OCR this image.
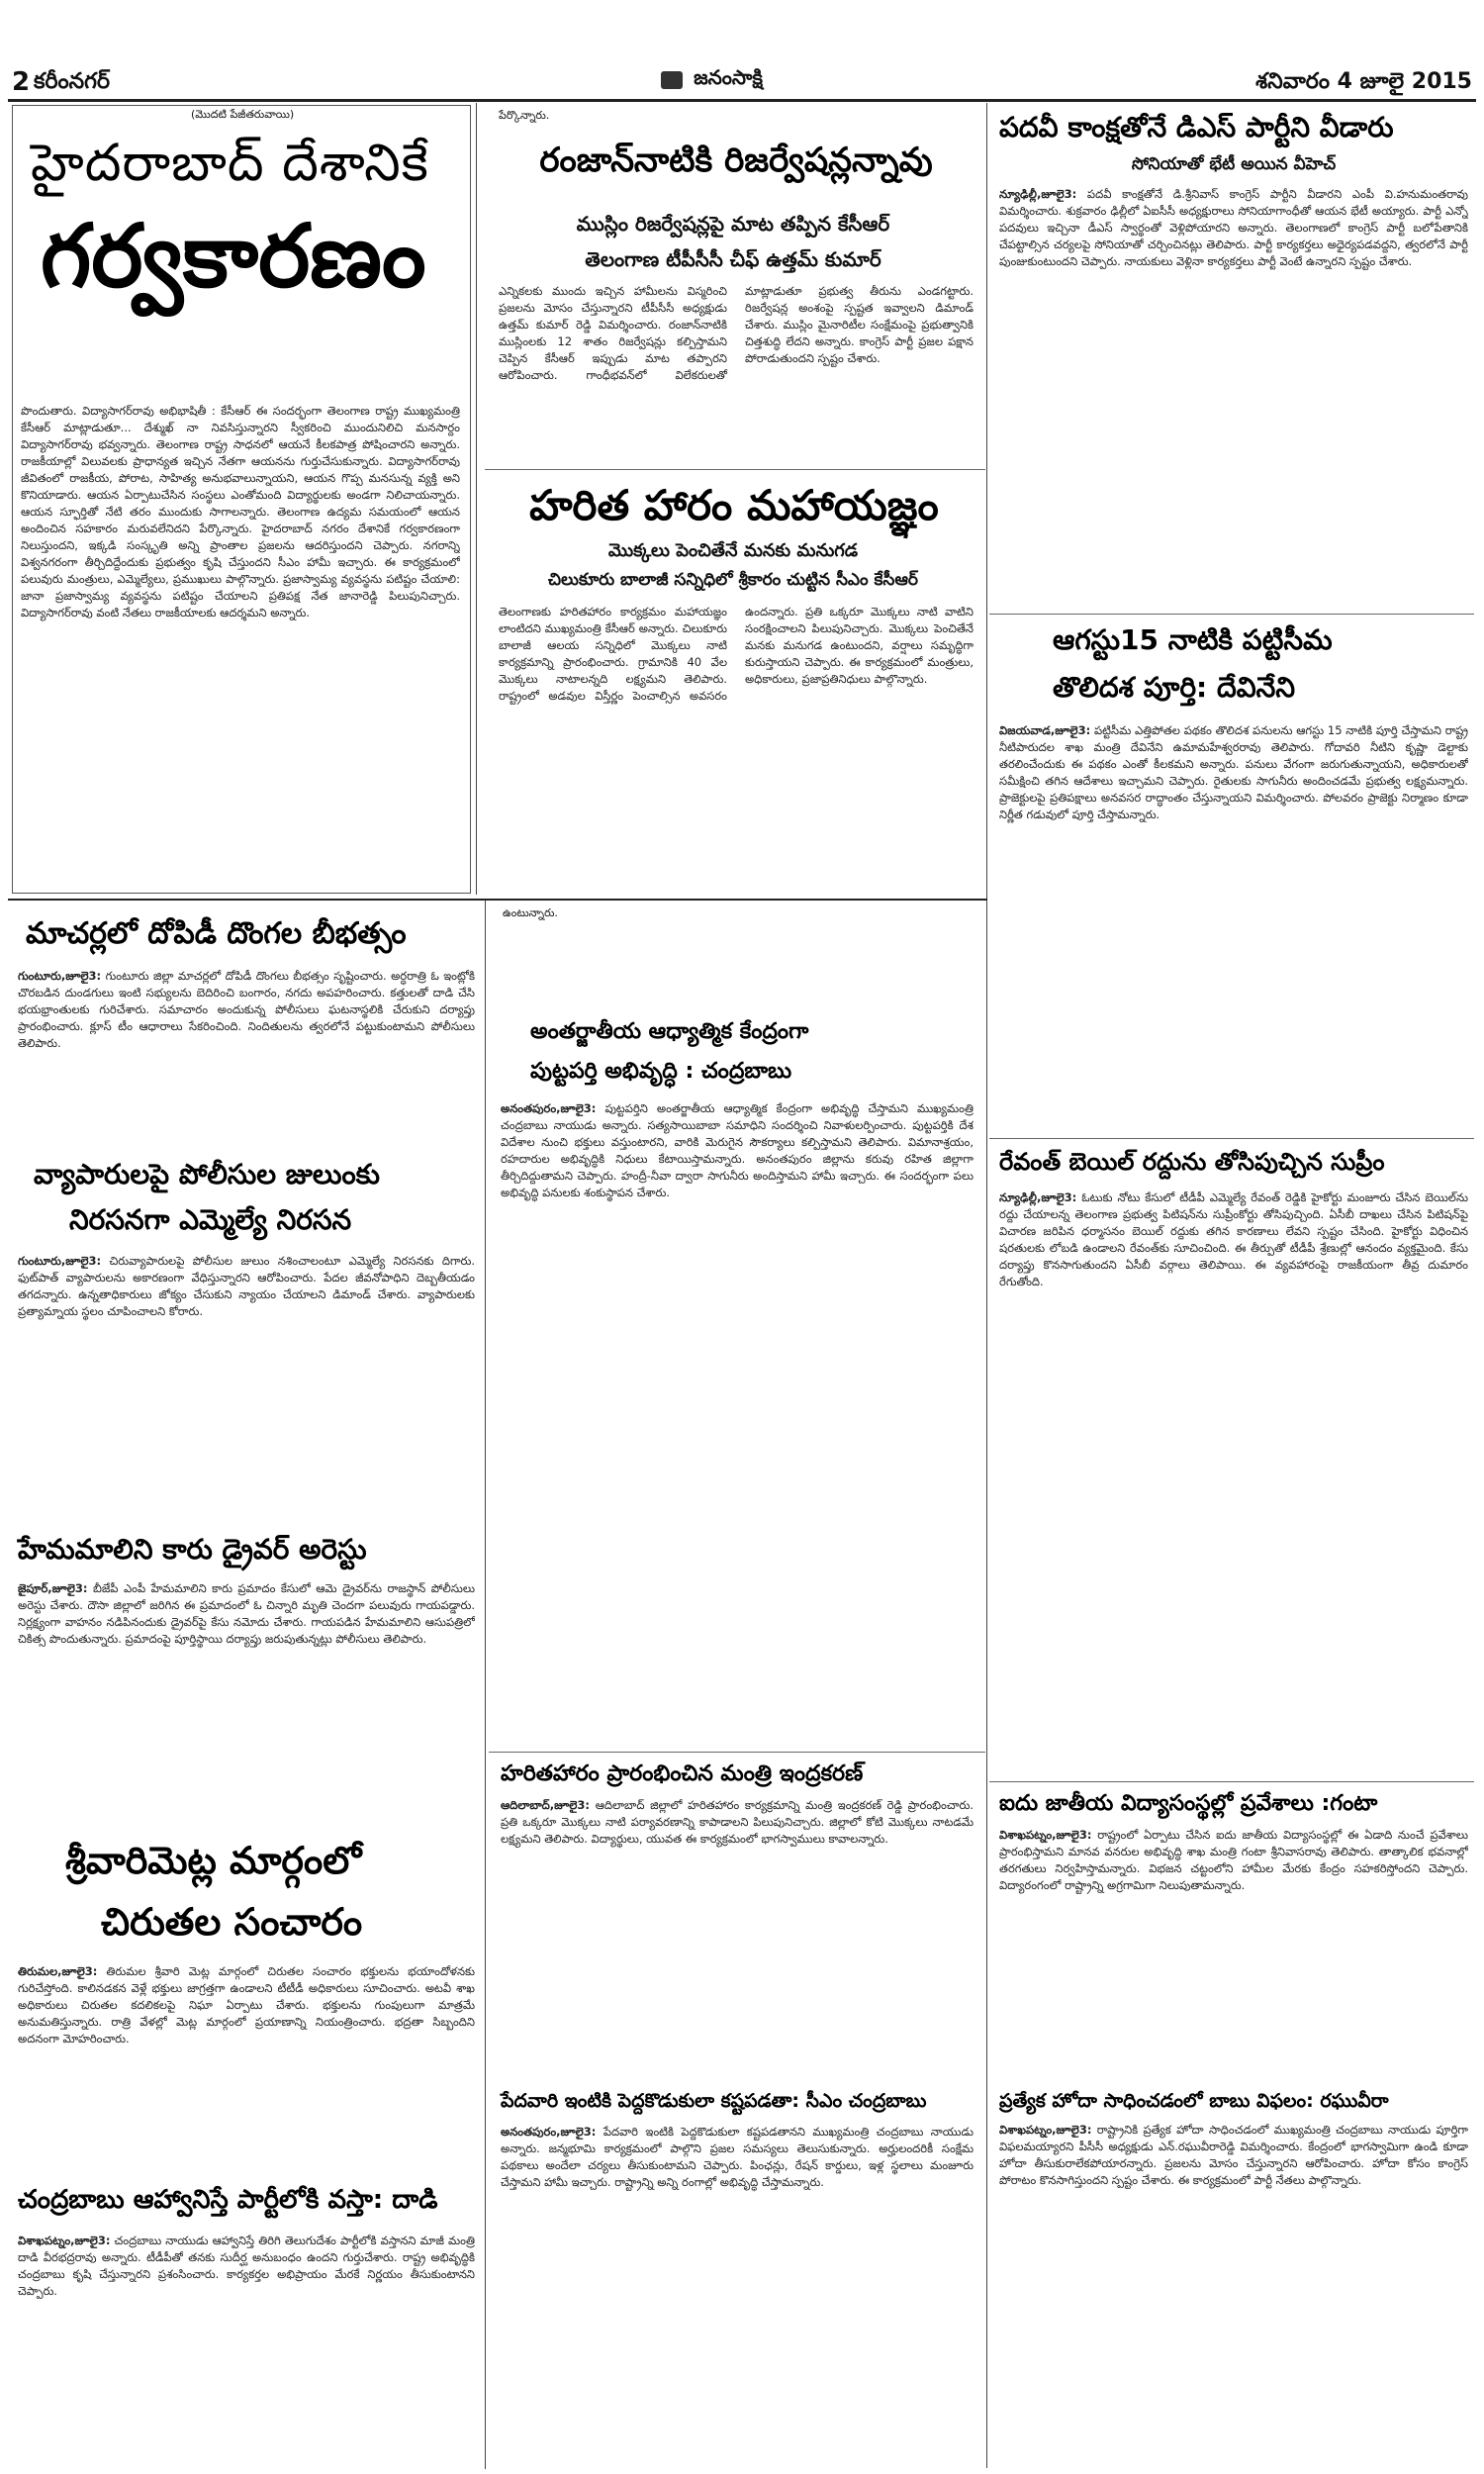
2 కరీంనగర్	జనంసాక్షి	శనివారం 4 జూలై 2015
(మొదటి పేజీతరువాయి)
హైదరాబాద్ దేశానికే
గర్వకారణం
పొందుతారు. విద్యాసాగర్‌రావు అభిభాషితీ : కేసీఆర్ ఈ సందర్భంగా తెలంగాణ రాష్ట్ర ముఖ్యమంత్రి కేసీఆర్ మాట్లాడుతూ... దేశ్ముఖ్ నా నివసిస్తున్నారని స్వీకరించి ముందునిలిచి మనసార్దం విద్యాసాగర్‌రావు భవ్వన్నారు. తెలంగాణ రాష్ట్ర సాధనలో ఆయనే కీలకపాత్ర పోషించారని అన్నారు. రాజకీయాల్లో విలువలకు ప్రాధాన్యత ఇచ్చిన నేతగా ఆయనను గుర్తుచేసుకున్నారు. విద్యాసాగర్‌రావు జీవితంలో రాజకీయ, పోరాట, సాహిత్య అనుభవాలున్నాయని, ఆయన గొప్ప మనసున్న వ్యక్తి అని కొనియాడారు. ఆయన ఏర్పాటుచేసిన సంస్థలు ఎంతోమంది విద్యార్థులకు అండగా నిలిచాయన్నారు. ఆయన స్ఫూర్తితో నేటి తరం ముందుకు సాగాలన్నారు. తెలంగాణ ఉద్యమ సమయంలో ఆయన అందించిన సహకారం మరువలేనిదని పేర్కొన్నారు. హైదరాబాద్ నగరం దేశానికే గర్వకారణంగా నిలుస్తుందని, ఇక్కడి సంస్కృతి అన్ని ప్రాంతాల ప్రజలను ఆదరిస్తుందని చెప్పారు. నగరాన్ని విశ్వనగరంగా తీర్చిదిద్దేందుకు ప్రభుత్వం కృషి చేస్తుందని సీఎం హామీ ఇచ్చారు. ఈ కార్యక్రమంలో పలువురు మంత్రులు, ఎమ్మెల్యేలు, ప్రముఖులు పాల్గొన్నారు. ప్రజాస్వామ్య వ్యవస్థను పటిష్టం చేయాలి: జానా ప్రజాస్వామ్య వ్యవస్థను పటిష్టం చేయాలని ప్రతిపక్ష నేత జానారెడ్డి పిలుపునిచ్చారు. విద్యాసాగర్‌రావు వంటి నేతలు రాజకీయాలకు ఆదర్శమని అన్నారు.
పేర్కొన్నారు.
రంజాన్‌నాటికి రిజర్వేషన్లన్నావు
ముస్లిం రిజర్వేషన్లపై మాట తప్పిన కేసీఆర్
తెలంగాణ టీపీసీసీ చీఫ్ ఉత్తమ్ కుమార్
ఎన్నికలకు ముందు ఇచ్చిన హామీలను విస్మరించి ప్రజలను మోసం చేస్తున్నారని టీపీసీసీ అధ్యక్షుడు ఉత్తమ్ కుమార్ రెడ్డి విమర్శించారు. రంజాన్‌నాటికి ముస్లింలకు 12 శాతం రిజర్వేషన్లు కల్పిస్తామని చెప్పిన కేసీఆర్ ఇప్పుడు మాట తప్పారని ఆరోపించారు. గాంధీభవన్‌లో విలేకరులతో మాట్లాడుతూ ప్రభుత్వ తీరును ఎండగట్టారు. రిజర్వేషన్ల అంశంపై స్పష్టత ఇవ్వాలని డిమాండ్ చేశారు. ముస్లిం మైనారిటీల సంక్షేమంపై ప్రభుత్వానికి చిత్తశుద్ధి లేదని అన్నారు. కాంగ్రెస్ పార్టీ ప్రజల పక్షాన పోరాడుతుందని స్పష్టం చేశారు.
హరిత హారం మహాయజ్ఞం
మొక్కలు పెంచితేనే మనకు మనుగడ
చిలుకూరు బాలాజీ సన్నిధిలో శ్రీకారం చుట్టిన సీఎం కేసీఆర్
తెలంగాణకు హరితహారం కార్యక్రమం మహాయజ్ఞం లాంటిదని ముఖ్యమంత్రి కేసీఆర్ అన్నారు. చిలుకూరు బాలాజీ ఆలయ సన్నిధిలో మొక్కలు నాటి కార్యక్రమాన్ని ప్రారంభించారు. గ్రామానికి 40 వేల మొక్కలు నాటాలన్నది లక్ష్యమని తెలిపారు. రాష్ట్రంలో అడవుల విస్తీర్ణం పెంచాల్సిన అవసరం ఉందన్నారు. ప్రతి ఒక్కరూ మొక్కలు నాటి వాటిని సంరక్షించాలని పిలుపునిచ్చారు. మొక్కలు పెంచితేనే మనకు మనుగడ ఉంటుందని, వర్షాలు సమృద్ధిగా కురుస్తాయని చెప్పారు. ఈ కార్యక్రమంలో మంత్రులు, అధికారులు, ప్రజాప్రతినిధులు పాల్గొన్నారు.
పదవీ కాంక్షతోనే డిఎస్ పార్టీని వీడారు
సోనియాతో భేటీ అయిన వీహెచ్
న్యూఢిల్లీ,జూలై3: పదవీ కాంక్షతోనే డి.శ్రీనివాస్ కాంగ్రెస్ పార్టీని వీడారని ఎంపీ వి.హనుమంతరావు విమర్శించారు. శుక్రవారం ఢిల్లీలో ఏఐసీసీ అధ్యక్షురాలు సోనియాగాంధీతో ఆయన భేటీ అయ్యారు. పార్టీ ఎన్నో పదవులు ఇచ్చినా డీఎస్ స్వార్థంతో వెళ్లిపోయారని అన్నారు. తెలంగాణలో కాంగ్రెస్ పార్టీ బలోపేతానికి చేపట్టాల్సిన చర్యలపై సోనియాతో చర్చించినట్లు తెలిపారు. పార్టీ కార్యకర్తలు అధైర్యపడవద్దని, త్వరలోనే పార్టీ పుంజుకుంటుందని చెప్పారు. నాయకులు వెళ్లినా కార్యకర్తలు పార్టీ వెంటే ఉన్నారని స్పష్టం చేశారు.
ఆగస్టు15 నాటికి పట్టిసీమ
తొలిదశ పూర్తి: దేవినేని
విజయవాడ,జూలై3: పట్టిసీమ ఎత్తిపోతల పథకం తొలిదశ పనులను ఆగస్టు 15 నాటికి పూర్తి చేస్తామని రాష్ట్ర నీటిపారుదల శాఖ మంత్రి దేవినేని ఉమామహేశ్వరరావు తెలిపారు. గోదావరి నీటిని కృష్ణా డెల్టాకు తరలించేందుకు ఈ పథకం ఎంతో కీలకమని అన్నారు. పనులు వేగంగా జరుగుతున్నాయని, అధికారులతో సమీక్షించి తగిన ఆదేశాలు ఇచ్చామని చెప్పారు. రైతులకు సాగునీరు అందించడమే ప్రభుత్వ లక్ష్యమన్నారు. ప్రాజెక్టులపై ప్రతిపక్షాలు అనవసర రాద్ధాంతం చేస్తున్నాయని విమర్శించారు. పోలవరం ప్రాజెక్టు నిర్మాణం కూడా నిర్ణీత గడువులో పూర్తి చేస్తామన్నారు.
రేవంత్ బెయిల్ రద్దును తోసిపుచ్చిన సుప్రీం
న్యూఢిల్లీ,జూలై3: ఓటుకు నోటు కేసులో టీడీపీ ఎమ్మెల్యే రేవంత్ రెడ్డికి హైకోర్టు మంజూరు చేసిన బెయిల్‌ను రద్దు చేయాలన్న తెలంగాణ ప్రభుత్వ పిటిషన్‌ను సుప్రీంకోర్టు తోసిపుచ్చింది. ఏసీబీ దాఖలు చేసిన పిటిషన్‌పై విచారణ జరిపిన ధర్మాసనం బెయిల్ రద్దుకు తగిన కారణాలు లేవని స్పష్టం చేసింది. హైకోర్టు విధించిన షరతులకు లోబడి ఉండాలని రేవంత్‌కు సూచించింది. ఈ తీర్పుతో టీడీపీ శ్రేణుల్లో ఆనందం వ్యక్తమైంది. కేసు దర్యాప్తు కొనసాగుతుందని ఏసీబీ వర్గాలు తెలిపాయి. ఈ వ్యవహారంపై రాజకీయంగా తీవ్ర దుమారం రేగుతోంది.
ఐదు జాతీయ విద్యాసంస్థల్లో ప్రవేశాలు :గంటా
విశాఖపట్నం,జూలై3: రాష్ట్రంలో ఏర్పాటు చేసిన ఐదు జాతీయ విద్యాసంస్థల్లో ఈ ఏడాది నుంచే ప్రవేశాలు ప్రారంభిస్తామని మానవ వనరుల అభివృద్ధి శాఖ మంత్రి గంటా శ్రీనివాసరావు తెలిపారు. తాత్కాలిక భవనాల్లో తరగతులు నిర్వహిస్తామన్నారు. విభజన చట్టంలోని హామీల మేరకు కేంద్రం సహకరిస్తోందని చెప్పారు. విద్యారంగంలో రాష్ట్రాన్ని అగ్రగామిగా నిలుపుతామన్నారు.
ప్రత్యేక హోదా సాధించడంలో బాబు విఫలం: రఘువీరా
విశాఖపట్నం,జూలై3: రాష్ట్రానికి ప్రత్యేక హోదా సాధించడంలో ముఖ్యమంత్రి చంద్రబాబు నాయుడు పూర్తిగా విఫలమయ్యారని పీసీసీ అధ్యక్షుడు ఎన్.రఘువీరారెడ్డి విమర్శించారు. కేంద్రంలో భాగస్వామిగా ఉండి కూడా హోదా తీసుకురాలేకపోయారన్నారు. ప్రజలను మోసం చేస్తున్నారని ఆరోపించారు. హోదా కోసం కాంగ్రెస్ పోరాటం కొనసాగిస్తుందని స్పష్టం చేశారు. ఈ కార్యక్రమంలో పార్టీ నేతలు పాల్గొన్నారు.
మాచర్లలో దోపిడీ దొంగల బీభత్సం
గుంటూరు,జూలై3: గుంటూరు జిల్లా మాచర్లలో దోపిడీ దొంగలు బీభత్సం సృష్టించారు. అర్ధరాత్రి ఓ ఇంట్లోకి చొరబడిన దుండగులు ఇంటి సభ్యులను బెదిరించి బంగారం, నగదు అపహరించారు. కత్తులతో దాడి చేసి భయభ్రాంతులకు గురిచేశారు. సమాచారం అందుకున్న పోలీసులు ఘటనాస్థలికి చేరుకుని దర్యాప్తు ప్రారంభించారు. క్లూస్ టీం ఆధారాలు సేకరించింది. నిందితులను త్వరలోనే పట్టుకుంటామని పోలీసులు తెలిపారు.
వ్యాపారులపై పోలీసుల జులుంకు
నిరసనగా ఎమ్మెల్యే నిరసన
గుంటూరు,జూలై3: చిరువ్యాపారులపై పోలీసుల జులుం నశించాలంటూ ఎమ్మెల్యే నిరసనకు దిగారు. ఫుట్‌పాత్ వ్యాపారులను అకారణంగా వేధిస్తున్నారని ఆరోపించారు. పేదల జీవనోపాధిని దెబ్బతీయడం తగదన్నారు. ఉన్నతాధికారులు జోక్యం చేసుకుని న్యాయం చేయాలని డిమాండ్ చేశారు. వ్యాపారులకు ప్రత్యామ్నాయ స్థలం చూపించాలని కోరారు.
హేమమాలిని కారు డ్రైవర్ అరెస్టు
జైపూర్,జూలై3: బీజేపీ ఎంపీ హేమమాలిని కారు ప్రమాదం కేసులో ఆమె డ్రైవర్‌ను రాజస్థాన్ పోలీసులు అరెస్టు చేశారు. దౌసా జిల్లాలో జరిగిన ఈ ప్రమాదంలో ఓ చిన్నారి మృతి చెందగా పలువురు గాయపడ్డారు. నిర్లక్ష్యంగా వాహనం నడిపినందుకు డ్రైవర్‌పై కేసు నమోదు చేశారు. గాయపడిన హేమమాలిని ఆసుపత్రిలో చికిత్స పొందుతున్నారు. ప్రమాదంపై పూర్తిస్థాయి దర్యాప్తు జరుపుతున్నట్లు పోలీసులు తెలిపారు.
శ్రీవారిమెట్ల మార్గంలో
చిరుతల సంచారం
తిరుమల,జూలై3: తిరుమల శ్రీవారి మెట్ల మార్గంలో చిరుతల సంచారం భక్తులను భయాందోళనకు గురిచేస్తోంది. కాలినడకన వెళ్లే భక్తులు జాగ్రత్తగా ఉండాలని టీటీడీ అధికారులు సూచించారు. అటవీ శాఖ అధికారులు చిరుతల కదలికలపై నిఘా ఏర్పాటు చేశారు. భక్తులను గుంపులుగా మాత్రమే అనుమతిస్తున్నారు. రాత్రి వేళల్లో మెట్ల మార్గంలో ప్రయాణాన్ని నియంత్రించారు. భద్రతా సిబ్బందిని అదనంగా మోహరించారు.
చంద్రబాబు ఆహ్వానిస్తే పార్టీలోకి వస్తా: దాడి
విశాఖపట్నం,జూలై3: చంద్రబాబు నాయుడు ఆహ్వానిస్తే తిరిగి తెలుగుదేశం పార్టీలోకి వస్తానని మాజీ మంత్రి దాడి వీరభద్రరావు అన్నారు. టీడీపీతో తనకు సుదీర్ఘ అనుబంధం ఉందని గుర్తుచేశారు. రాష్ట్ర అభివృద్ధికి చంద్రబాబు కృషి చేస్తున్నారని ప్రశంసించారు. కార్యకర్తల అభిప్రాయం మేరకే నిర్ణయం తీసుకుంటానని చెప్పారు.
ఉంటున్నారు.
అంతర్జాతీయ ఆధ్యాత్మిక కేంద్రంగా
పుట్టపర్తి అభివృద్ధి : చంద్రబాబు
అనంతపురం,జూలై3: పుట్టపర్తిని అంతర్జాతీయ ఆధ్యాత్మిక కేంద్రంగా అభివృద్ధి చేస్తామని ముఖ్యమంత్రి చంద్రబాబు నాయుడు అన్నారు. సత్యసాయిబాబా సమాధిని సందర్శించి నివాళులర్పించారు. పుట్టపర్తికి దేశ విదేశాల నుంచి భక్తులు వస్తుంటారని, వారికి మెరుగైన సౌకర్యాలు కల్పిస్తామని తెలిపారు. విమానాశ్రయం, రహదారుల అభివృద్ధికి నిధులు కేటాయిస్తామన్నారు. అనంతపురం జిల్లాను కరువు రహిత జిల్లాగా తీర్చిదిద్దుతామని చెప్పారు. హంద్రీ-నీవా ద్వారా సాగునీరు అందిస్తామని హామీ ఇచ్చారు. ఈ సందర్భంగా పలు అభివృద్ధి పనులకు శంకుస్థాపన చేశారు.
హరితహారం ప్రారంభించిన మంత్రి ఇంద్రకరణ్
ఆదిలాబాద్,జూలై3: ఆదిలాబాద్ జిల్లాలో హరితహారం కార్యక్రమాన్ని మంత్రి ఇంద్రకరణ్ రెడ్డి ప్రారంభించారు. ప్రతి ఒక్కరూ మొక్కలు నాటి పర్యావరణాన్ని కాపాడాలని పిలుపునిచ్చారు. జిల్లాలో కోటి మొక్కలు నాటడమే లక్ష్యమని తెలిపారు. విద్యార్థులు, యువత ఈ కార్యక్రమంలో భాగస్వాములు కావాలన్నారు.
పేదవారి ఇంటికి పెద్దకొడుకులా కష్టపడతా: సీఎం చంద్రబాబు
అనంతపురం,జూలై3: పేదవారి ఇంటికి పెద్దకొడుకులా కష్టపడతానని ముఖ్యమంత్రి చంద్రబాబు నాయుడు అన్నారు. జన్మభూమి కార్యక్రమంలో పాల్గొని ప్రజల సమస్యలు తెలుసుకున్నారు. అర్హులందరికీ సంక్షేమ పథకాలు అందేలా చర్యలు తీసుకుంటామని చెప్పారు. పింఛన్లు, రేషన్ కార్డులు, ఇళ్ల స్థలాలు మంజూరు చేస్తామని హామీ ఇచ్చారు. రాష్ట్రాన్ని అన్ని రంగాల్లో అభివృద్ధి చేస్తామన్నారు.
